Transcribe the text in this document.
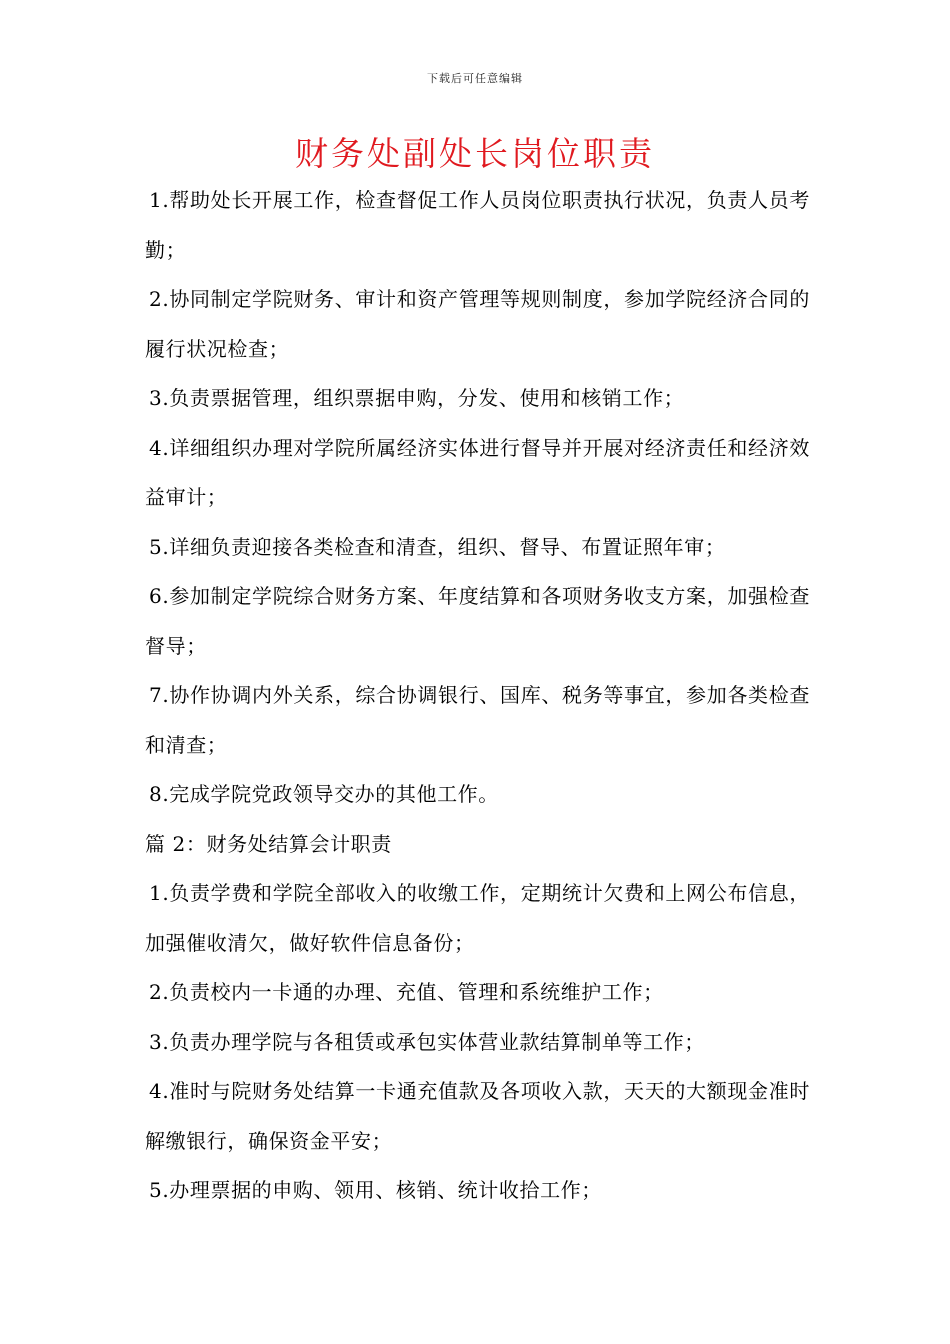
下载后可任意编辑
财务处副处长岗位职责

1.帮助处长开展工作，检查督促工作人员岗位职责执行状况，负责人员考勤；

2.协同制定学院财务、审计和资产管理等规则制度，参加学院经济合同的履行状况检查；

3.负责票据管理，组织票据申购，分发、使用和核销工作；

4.详细组织办理对学院所属经济实体进行督导并开展对经济责任和经济效益审计；

5.详细负责迎接各类检查和清查，组织、督导、布置证照年审；

6.参加制定学院综合财务方案、年度结算和各项财务收支方案，加强检查督导；

7.协作协调内外关系，综合协调银行、国库、税务等事宜，参加各类检查和清查；

8.完成学院党政领导交办的其他工作。

篇 2：财务处结算会计职责

1.负责学费和学院全部收入的收缴工作，定期统计欠费和上网公布信息，加强催收清欠，做好软件信息备份；

2.负责校内一卡通的办理、充值、管理和系统维护工作；

3.负责办理学院与各租赁或承包实体营业款结算制单等工作；

4.准时与院财务处结算一卡通充值款及各项收入款，天天的大额现金准时解缴银行，确保资金平安；

5.办理票据的申购、领用、核销、统计收拾工作；
